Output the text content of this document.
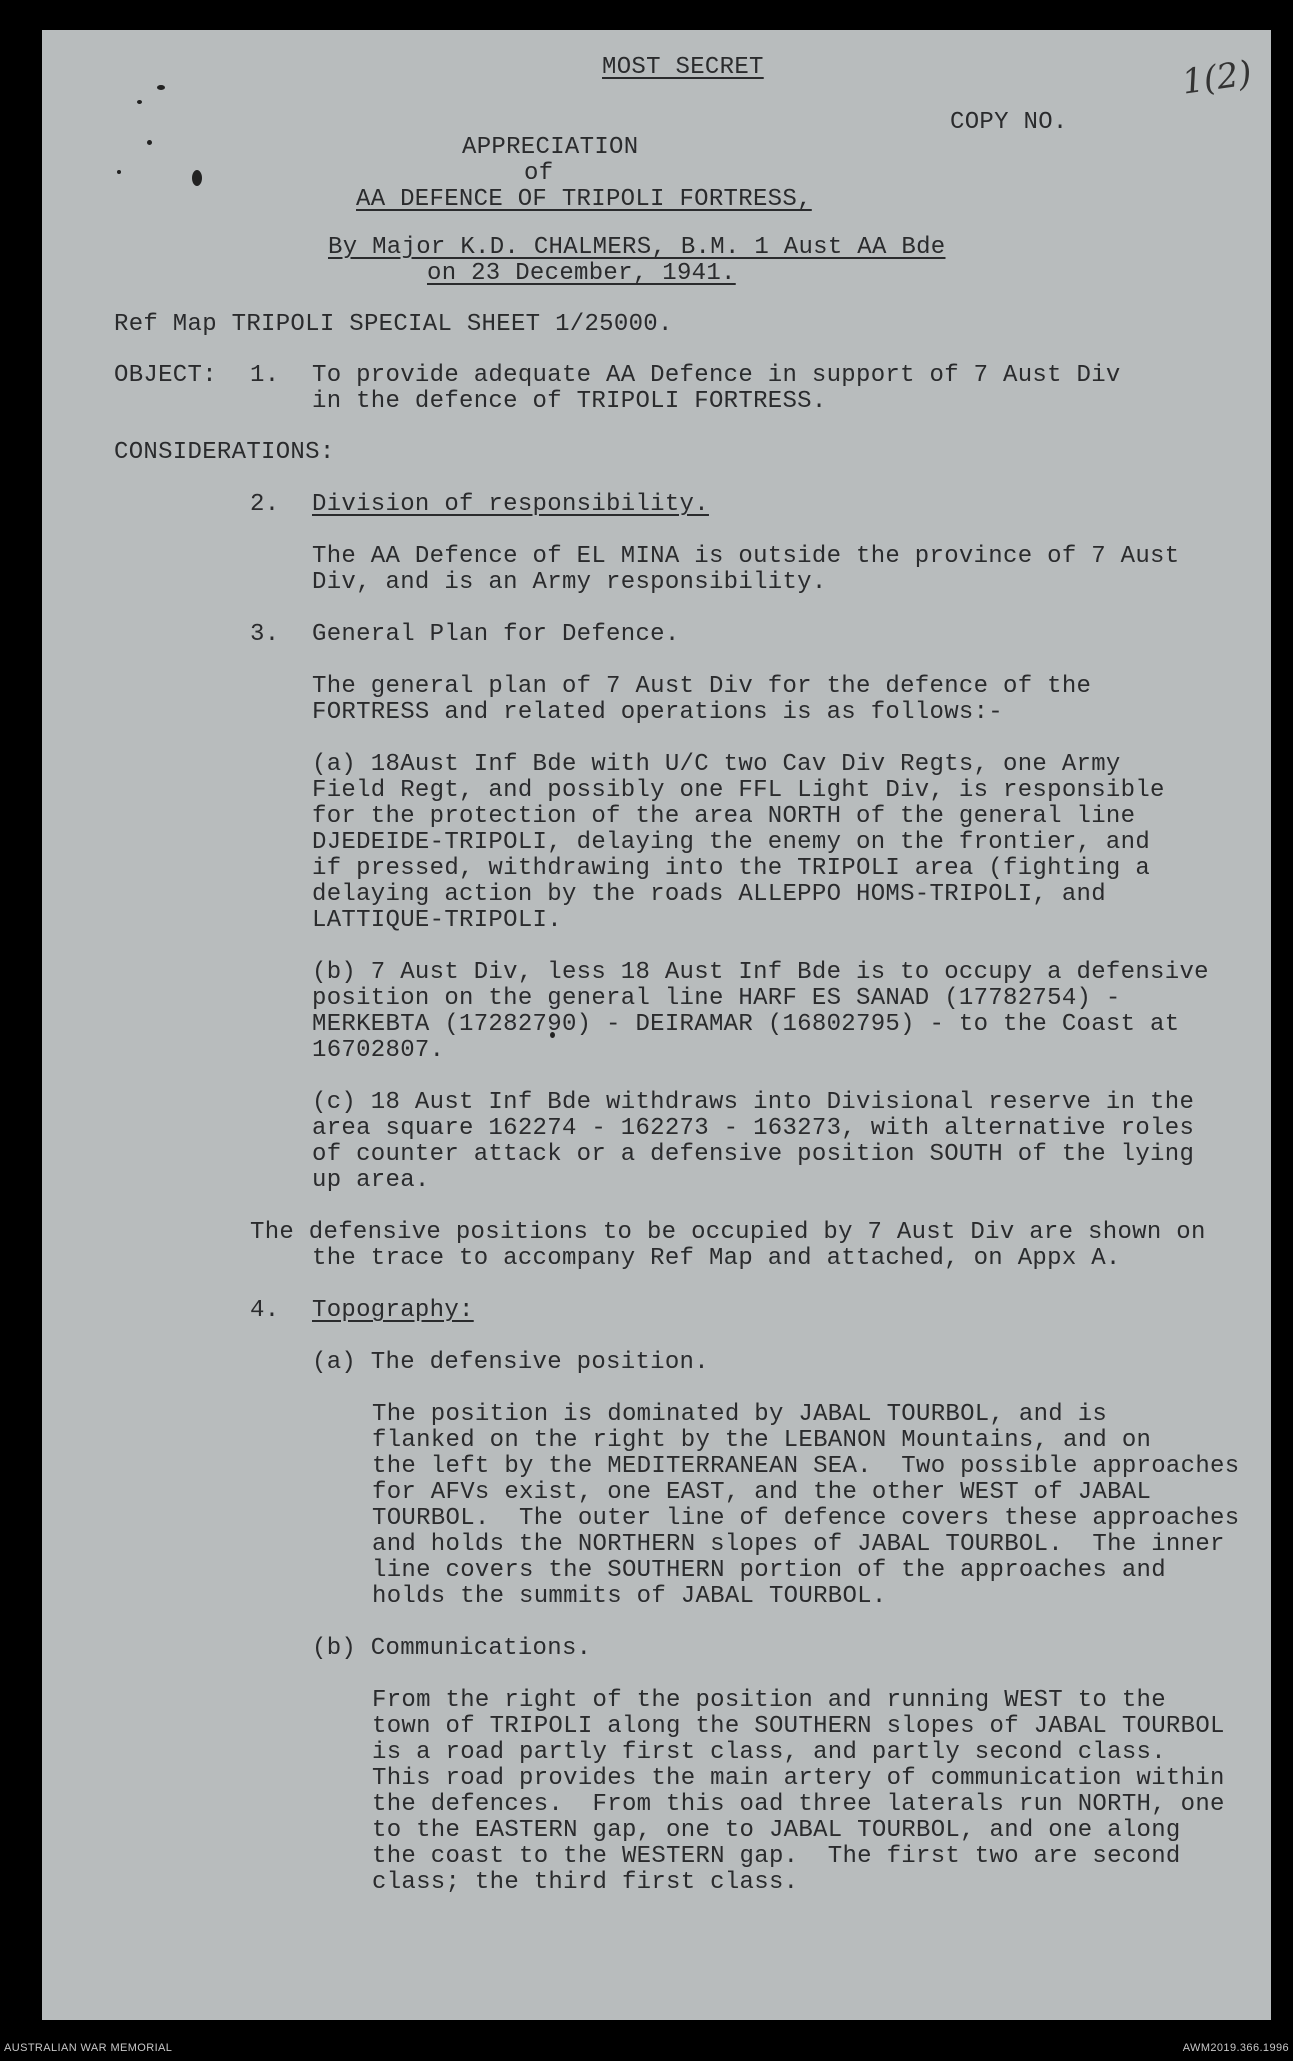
MOST SECRET
COPY NO.
1(2)
APPRECIATION
of
AA DEFENCE OF TRIPOLI FORTRESS,
By Major K.D. CHALMERS, B.M. 1 Aust AA Bde
on 23 December, 1941.
Ref Map TRIPOLI SPECIAL SHEET 1/25000.
OBJECT: 1. To provide adequate AA Defence in support of 7 Aust Div
in the defence of TRIPOLI FORTRESS.
CONSIDERATIONS:
2. Division of responsibility.
The AA Defence of EL MINA is outside the province of 7 Aust
Div, and is an Army responsibility.
3. General Plan for Defence.
The general plan of 7 Aust Div for the defence of the
FORTRESS and related operations is as follows:-
(a) 18Aust Inf Bde with U/C two Cav Div Regts, one Army
Field Regt, and possibly one FFL Light Div, is responsible
for the protection of the area NORTH of the general line
DJEDEIDE-TRIPOLI, delaying the enemy on the frontier, and
if pressed, withdrawing into the TRIPOLI area (fighting a
delaying action by the roads ALLEPPO HOMS-TRIPOLI, and
LATTIQUE-TRIPOLI.
(b) 7 Aust Div, less 18 Aust Inf Bde is to occupy a defensive
position on the general line HARF ES SANAD (17782754) -
MERKEBTA (17282790) - DEIRAMAR (16802795) - to the Coast at
16702807.
(c) 18 Aust Inf Bde withdraws into Divisional reserve in the
area square 162274 - 162273 - 163273, with alternative roles
of counter attack or a defensive position SOUTH of the lying
up area.
The defensive positions to be occupied by 7 Aust Div are shown on
the trace to accompany Ref Map and attached, on Appx A.
4. Topography:
(a) The defensive position.
The position is dominated by JABAL TOURBOL, and is
flanked on the right by the LEBANON Mountains, and on
the left by the MEDITERRANEAN SEA.  Two possible approaches
for AFVs exist, one EAST, and the other WEST of JABAL
TOURBOL.  The outer line of defence covers these approaches
and holds the NORTHERN slopes of JABAL TOURBOL.  The inner
line covers the SOUTHERN portion of the approaches and
holds the summits of JABAL TOURBOL.
(b) Communications.
From the right of the position and running WEST to the
town of TRIPOLI along the SOUTHERN slopes of JABAL TOURBOL
is a road partly first class, and partly second class.
This road provides the main artery of communication within
the defences.  From this oad three laterals run NORTH, one
to the EASTERN gap, one to JABAL TOURBOL, and one along
the coast to the WESTERN gap.  The first two are second
class; the third first class.
AUSTRALIAN WAR MEMORIAL	AWM2019.366.1996
